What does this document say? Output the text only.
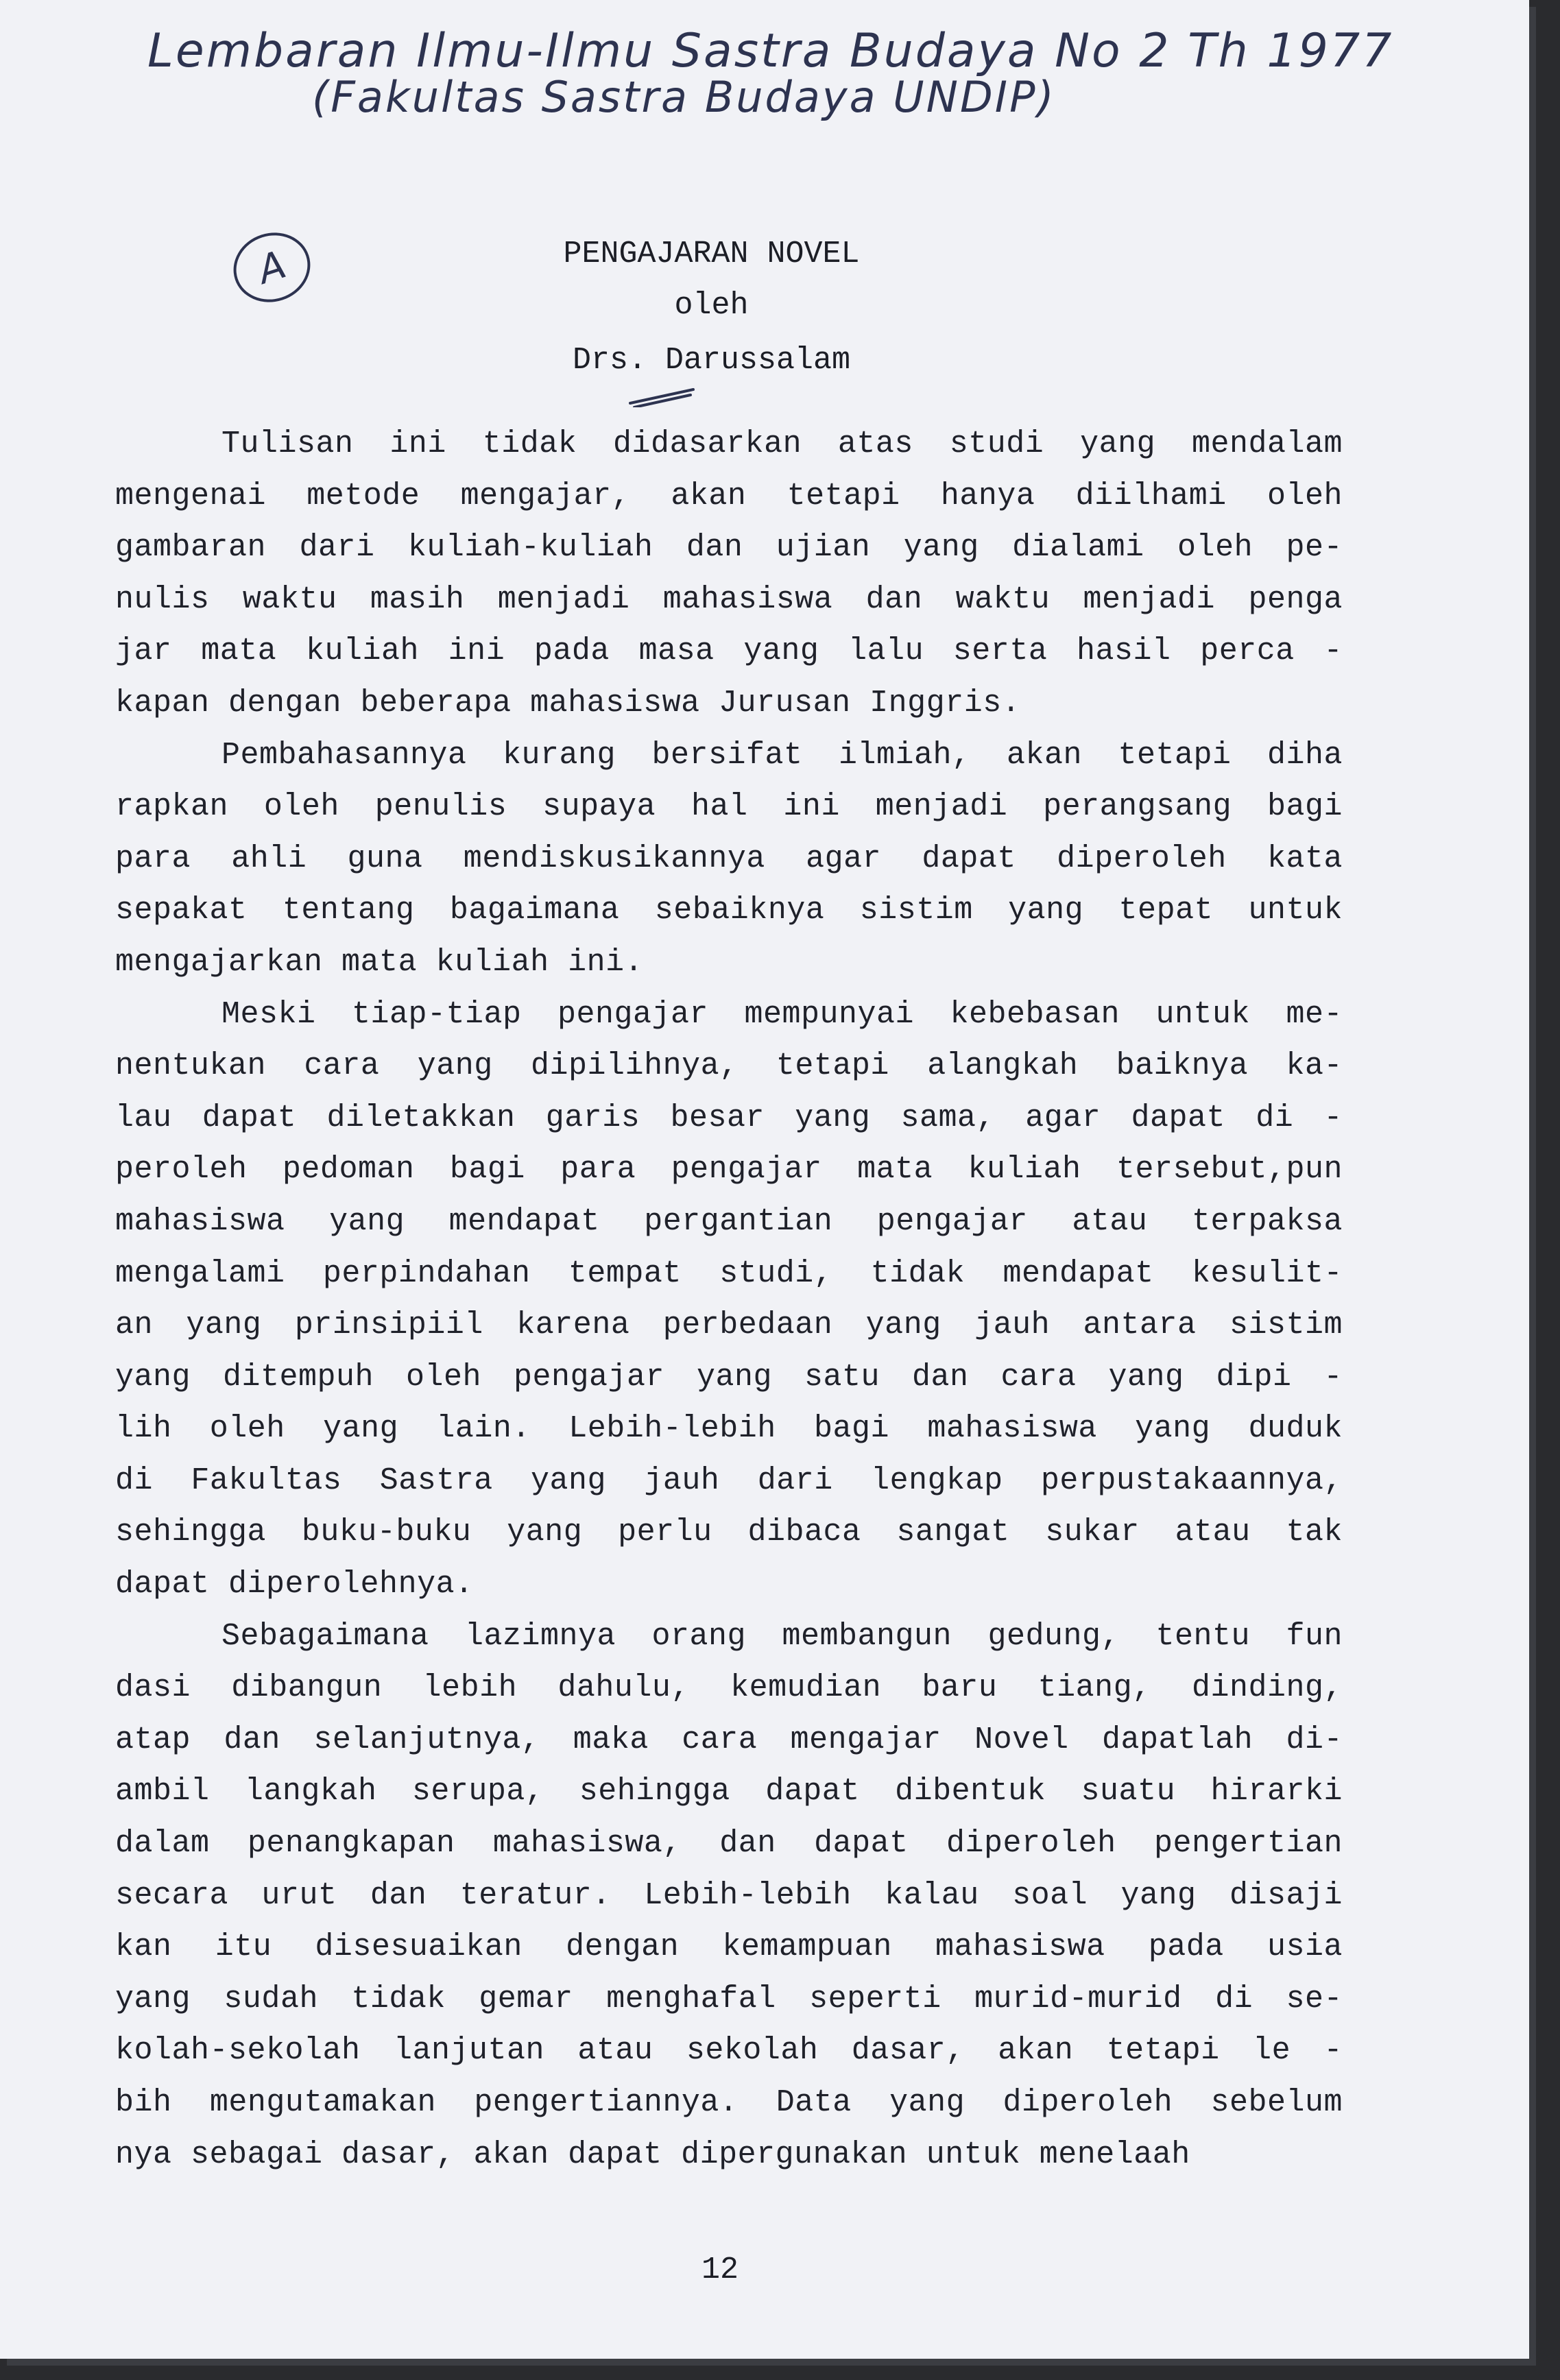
Lembaran Ilmu-Ilmu Sastra Budaya No 2 Th 1977
(Fakultas Sastra Budaya UNDIP)
A	PENGAJARAN NOVEL
oleh
Drs. Darussalam
Tulisan ini tidak didasarkan atas studi yang mendalam
mengenai metode mengajar, akan tetapi hanya diilhami oleh
gambaran dari kuliah-kuliah dan ujian yang dialami oleh pe-
nulis waktu masih menjadi mahasiswa dan waktu menjadi penga
jar mata kuliah ini pada masa yang lalu serta hasil perca -
kapan dengan beberapa mahasiswa Jurusan Inggris.
Pembahasannya kurang bersifat ilmiah, akan tetapi diha
rapkan oleh penulis supaya hal ini menjadi perangsang bagi
para ahli guna mendiskusikannya agar dapat diperoleh kata
sepakat tentang bagaimana sebaiknya sistim yang tepat untuk
mengajarkan mata kuliah ini.
Meski tiap-tiap pengajar mempunyai kebebasan untuk me-
nentukan cara yang dipilihnya, tetapi alangkah baiknya ka-
lau dapat diletakkan garis besar yang sama, agar dapat di -
peroleh pedoman bagi para pengajar mata kuliah tersebut,pun
mahasiswa yang mendapat pergantian pengajar atau terpaksa
mengalami perpindahan tempat studi, tidak mendapat kesulit-
an yang prinsipiil karena perbedaan yang jauh antara sistim
yang ditempuh oleh pengajar yang satu dan cara yang dipi -
lih oleh yang lain. Lebih-lebih bagi mahasiswa yang duduk
di Fakultas Sastra yang jauh dari lengkap perpustakaannya,
sehingga buku-buku yang perlu dibaca sangat sukar atau tak
dapat diperolehnya.
Sebagaimana lazimnya orang membangun gedung, tentu fun
dasi dibangun lebih dahulu, kemudian baru tiang, dinding,
atap dan selanjutnya, maka cara mengajar Novel dapatlah di-
ambil langkah serupa, sehingga dapat dibentuk suatu hirarki
dalam penangkapan mahasiswa, dan dapat diperoleh pengertian
secara urut dan teratur. Lebih-lebih kalau soal yang disaji
kan itu disesuaikan dengan kemampuan mahasiswa pada usia
yang sudah tidak gemar menghafal seperti murid-murid di se-
kolah-sekolah lanjutan atau sekolah dasar, akan tetapi le -
bih mengutamakan pengertiannya. Data yang diperoleh sebelum
nya sebagai dasar, akan dapat dipergunakan untuk menelaah
12
